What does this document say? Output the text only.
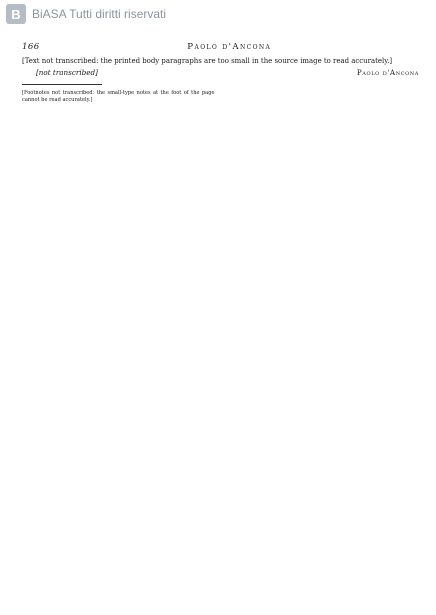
B BiASA Tutti diritti riservati
166	Paolo d'Ancona

[Text not transcribed: the printed body paragraphs are too small in the source image to read accurately.]

[not transcribed]	Paolo d'Ancona

[Footnotes not transcribed: the small-type notes at the foot of the page cannot be read accurately.]
